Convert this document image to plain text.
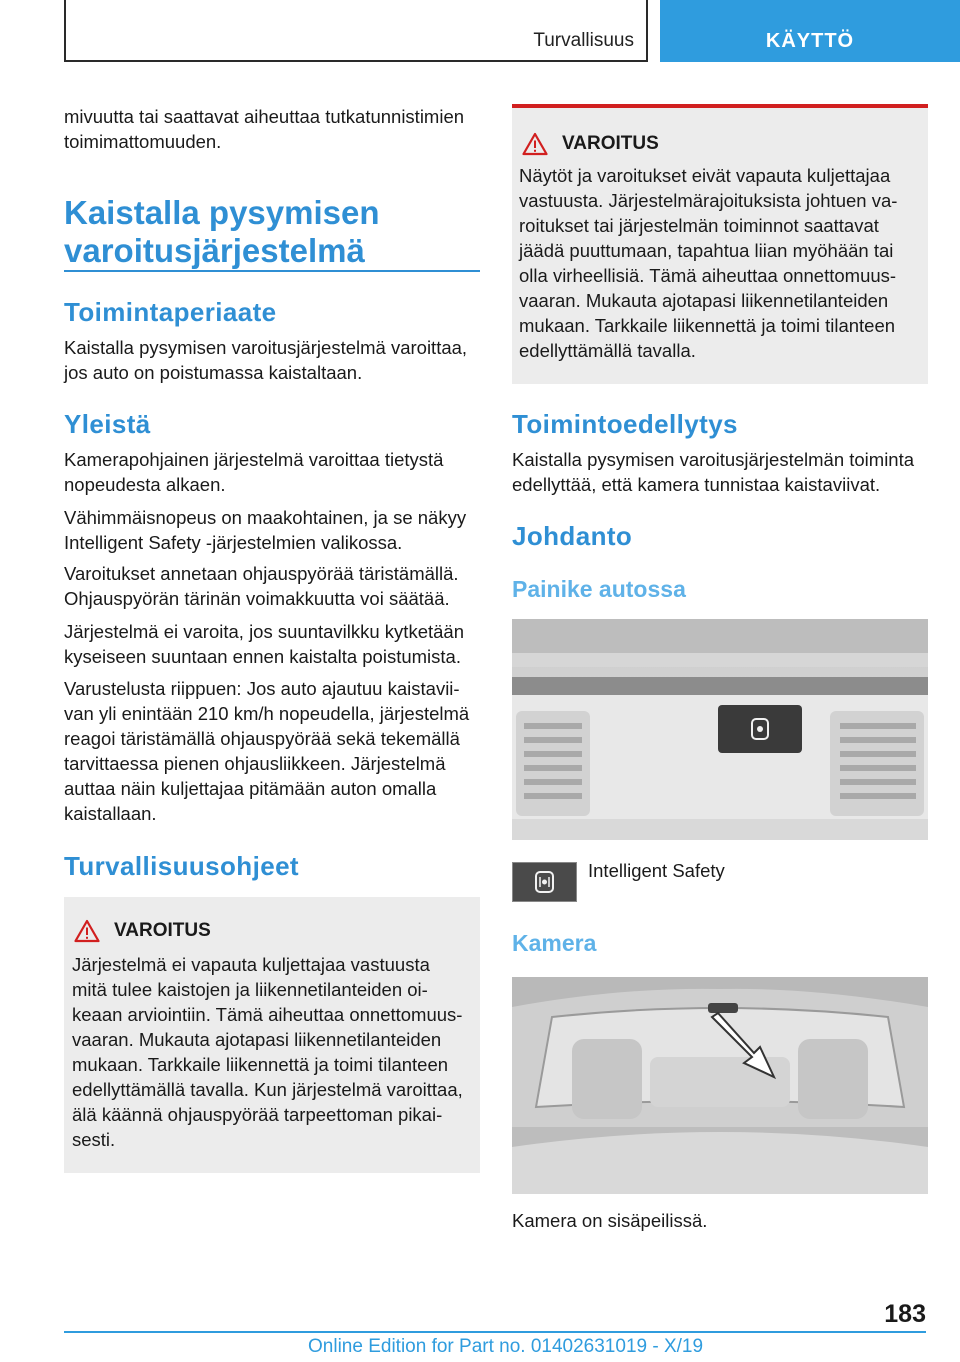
Turvallisuus	KÄYTTÖ

mivuutta tai saattavat aiheuttaa tutkatunnistimien

toimimattomuuden.

Kaistalla pysymisen
varoitusjärjestelmä
Toimintaperiaate

Kaistalla pysymisen varoitusjärjestelmä varoittaa,

jos auto on poistumassa kaistaltaan.

Yleistä

Kamerapohjainen järjestelmä varoittaa tietystä

nopeudesta alkaen.

Vähimmäisnopeus on maakohtainen, ja se näkyy

Intelligent Safety -järjestelmien valikossa.

Varoitukset annetaan ohjauspyörää täristämällä.

Ohjauspyörän tärinän voimakkuutta voi säätää.

Järjestelmä ei varoita, jos suuntavilkku kytketään

kyseiseen suuntaan ennen kaistalta poistumista.

Varustelusta riippuen: Jos auto ajautuu kaistavii-

van yli enintään 210 km/h nopeudella, järjestelmä

reagoi täristämällä ohjauspyörää sekä tekemällä

tarvittaessa pienen ohjausliikkeen. Järjestelmä

auttaa näin kuljettajaa pitämään auton omalla

kaistallaan.

Turvallisuusohjeet
VAROITUS

Järjestelmä ei vapauta kuljettajaa vastuusta

mitä tulee kaistojen ja liikennetilanteiden oi-

keaan arviointiin. Tämä aiheuttaa onnettomuus-

vaaran. Mukauta ajotapasi liikennetilanteiden

mukaan. Tarkkaile liikennettä ja toimi tilanteen

edellyttämällä tavalla. Kun järjestelmä varoittaa,

älä käännä ohjauspyörää tarpeettoman pikai-

sesti.

VAROITUS

Näytöt ja varoitukset eivät vapauta kuljettajaa

vastuusta. Järjestelmärajoituksista johtuen va-

roitukset tai järjestelmän toiminnot saattavat

jäädä puuttumaan, tapahtua liian myöhään tai

olla virheellisiä. Tämä aiheuttaa onnettomuus-

vaaran. Mukauta ajotapasi liikennetilanteiden

mukaan. Tarkkaile liikennettä ja toimi tilanteen

edellyttämällä tavalla.

Toimintoedellytys

Kaistalla pysymisen varoitusjärjestelmän toiminta

edellyttää, että kamera tunnistaa kaistaviivat.

Johdanto
Painike autossa
Intelligent Safety
Kamera
Kamera on sisäpeilissä.
183
Online Edition for Part no. 01402631019 - X/19
